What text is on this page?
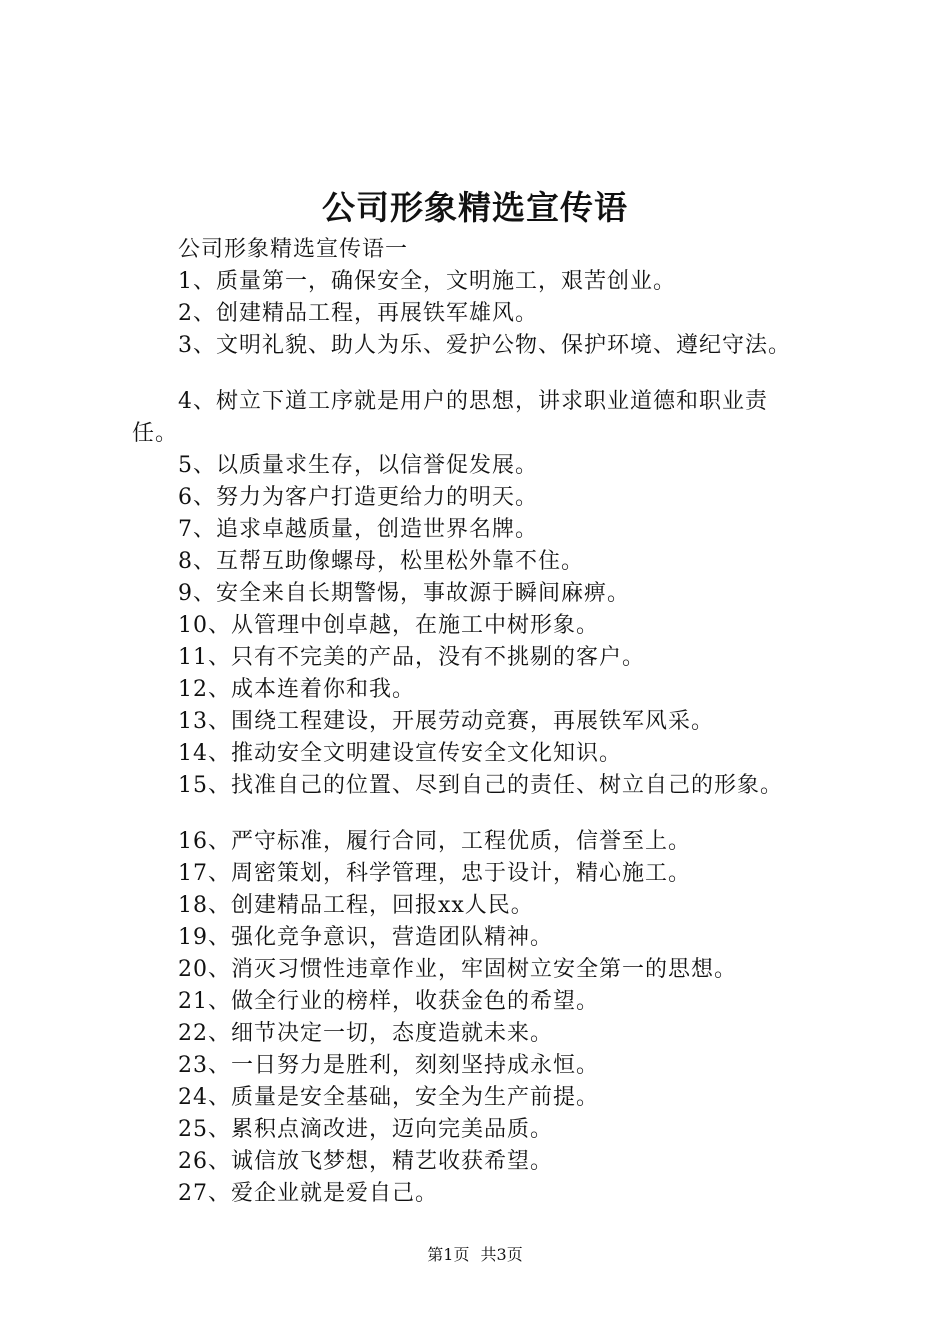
公司形象精选宣传语
公司形象精选宣传语一
1、质量第一，确保安全，文明施工，艰苦创业。
2、创建精品工程，再展铁军雄风。
3、文明礼貌、助人为乐、爱护公物、保护环境、遵纪守法。
4、树立下道工序就是用户的思想，讲求职业道德和职业责
任。
5、以质量求生存，以信誉促发展。
6、努力为客户打造更给力的明天。
7、追求卓越质量，创造世界名牌。
8、互帮互助像螺母，松里松外靠不住。
9、安全来自长期警惕，事故源于瞬间麻痹。
10、从管理中创卓越，在施工中树形象。
11、只有不完美的产品，没有不挑剔的客户。
12、成本连着你和我。
13、围绕工程建设，开展劳动竞赛，再展铁军风采。
14、推动安全文明建设宣传安全文化知识。
15、找准自己的位置、尽到自己的责任、树立自己的形象。
16、严守标准，履行合同，工程优质，信誉至上。
17、周密策划，科学管理，忠于设计，精心施工。
18、创建精品工程，回报xx人民。
19、强化竞争意识，营造团队精神。
20、消灭习惯性违章作业，牢固树立安全第一的思想。
21、做全行业的榜样，收获金色的希望。
22、细节决定一切，态度造就未来。
23、一日努力是胜利，刻刻坚持成永恒。
24、质量是安全基础，安全为生产前提。
25、累积点滴改进，迈向完美品质。
26、诚信放飞梦想，精艺收获希望。
27、爱企业就是爱自己。
第1页 共3页
